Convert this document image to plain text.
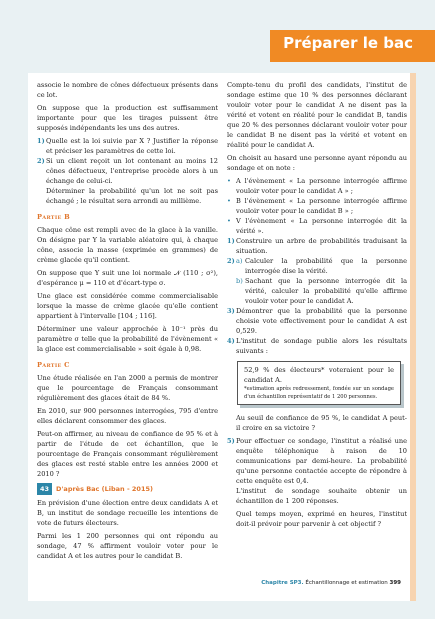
Préparer le bac

associe le nombre de cônes défectueux présents dans ce lot.

On suppose que la production est suffisamment importante pour que les tirages puissent être supposés indépendants les uns des autres.

1) Quelle est la loi suivie par X ? Justifier la réponse et préciser les paramètres de cette loi.
2) Si un client reçoit un lot contenant au moins 12 cônes défectueux, l'entreprise procède alors à un échange de celui-ci.
Déterminer la probabilité qu'un lot ne soit pas échangé ; le résultat sera arrondi au millième.
Partie B

Chaque cône est rempli avec de la glace à la vanille. On désigne par Y la variable aléatoire qui, à chaque cône, associe la masse (exprimée en grammes) de crème glacée qu'il contient.

On suppose que Y suit une loi normale 𝒩 (110 ; σ²), d'espérance μ = 110 et d'écart-type σ.

Une glace est considérée comme commercialisable lorsque la masse de crème glacée qu'elle contient appartient à l'intervalle [104 ; 116].

Déterminer une valeur approchée à 10⁻¹ près du paramètre σ telle que la probabilité de l'évènement « la glace est commercialisable » soit égale à 0,98.

Partie C

Une étude réalisée en l'an 2000 a permis de montrer que le pourcentage de Français consommant régulièrement des glaces était de 84 %.

En 2010, sur 900 personnes interrogées, 795 d'entre elles déclarent consommer des glaces.

Peut-on affirmer, au niveau de confiance de 95 % et à partir de l'étude de cet échantillon, que le pourcentage de Français consommant régulièrement des glaces est resté stable entre les années 2000 et 2010 ?

43	D'après Bac (Liban - 2015)

En prévision d'une élection entre deux candidats A et B, un institut de sondage recueille les intentions de vote de futurs électeurs.

Parmi les 1 200 personnes qui ont répondu au sondage, 47 % affirment vouloir voter pour le candidat A et les autres pour le candidat B.

Compte-tenu du profil des candidats, l'institut de sondage estime que 10 % des personnes déclarant vouloir voter pour le candidat A ne disent pas la vérité et votent en réalité pour le candidat B, tandis que 20 % des personnes déclarant vouloir voter pour le candidat B ne disent pas la vérité et votent en réalité pour le candidat A.

On choisit au hasard une personne ayant répondu au sondage et on note :

• A l'évènement « La personne interrogée affirme vouloir voter pour le candidat A » ;
• B l'évènement « La personne interrogée affirme vouloir voter pour le candidat B » ;
• V l'évènement « La personne interrogée dit la vérité ».
1) Construire un arbre de probabilités traduisant la situation.
2) a) Calculer la probabilité que la personne interrogée dise la vérité.
b) Sachant que la personne interrogée dit la vérité, calculer la probabilité qu'elle affirme vouloir voter pour le candidat A.
3) Démontrer que la probabilité que la personne choisie vote effectivement pour le candidat A est 0,529.
4) L'institut de sondage publie alors les résultats suivants :
52,9 % des électeurs* voteraient pour le candidat A.
*estimation après redressement, fondée sur un sondage d'un échantillon représentatif de 1 200 personnes.

Au seuil de confiance de 95 %, le candidat A peut-il croire en sa victoire ?

5) Pour effectuer ce sondage, l'institut a réalisé une enquête téléphonique à raison de 10 communications par demi-heure. La probabilité qu'une personne contactée accepte de répondre à cette enquête est 0,4.

L'institut de sondage souhaite obtenir un échantillon de 1 200 réponses.

Quel temps moyen, exprimé en heures, l'institut doit-il prévoir pour parvenir à cet objectif ?

Chapitre SP3. Échantillonnage et estimation 399
